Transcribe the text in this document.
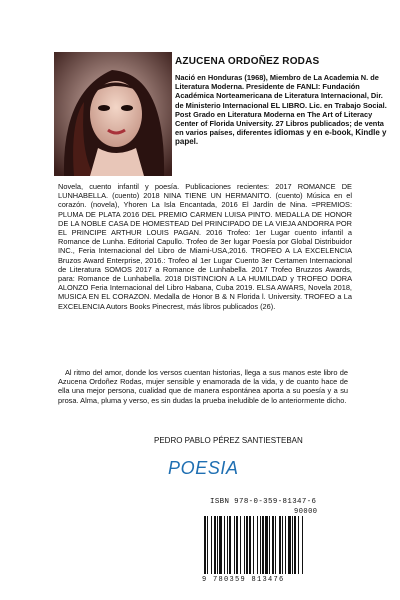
AZUCENA ORDOÑEZ RODAS
Nació en Honduras (1968), Miembro de La Academia N. de Literatura Moderna. Presidente de FANLI: Fundación Académica Norteamericana de Literatura Internacional, Dir. de Ministerio Internacional EL LIBRO. Lic. en Trabajo Social. Post Grado en Literatura Moderna en The Art of Literacy Center of Florida University. 27 Libros publicados; de venta en varios países, diferentes idiomas y en e-book, Kindle y papel.
Novela, cuento infantil y poesía. Publicaciones recientes: 2017 ROMANCE DE LUNHABELLA. (cuento) 2018 NINA TIENE UN HERMANITO. (cuento) Música en el corazón. (novela), Yhoren La Isla Encantada, 2016 El Jardín de Nina. =PREMIOS: PLUMA DE PLATA 2016 DEL PREMIO CARMEN LUISA PINTO. MEDALLA DE HONOR DE LA NOBLE CASA DE HOMESTEAD Del PRINCIPADO DE LA VIEJA ANDORRA POR EL PRINCIPE ARTHUR LOUIS PAGAN. 2016 Trofeo: 1er Lugar cuento infantil a Romance de Lunha. Editorial Capullo. Trofeo de 3er lugar Poesía por Global Distribuidor INC., Feria Internacional del Libro de Miami-USA,2016. TROFEO A LA EXCELENCIA Bruzos Award Enterprise, 2016.: Trofeo al 1er Lugar Cuento 3er Certamen Internacional de Literatura SOMOS 2017 a Romance de Lunhabella. 2017 Trofeo Bruzzos Awards, para: Romance de Lunhabella. 2018 DISTINCION A LA HUMILDAD y TROFEO DORA ALONZO Feria Internacional del Libro Habana, Cuba 2019. ELSA AWARS, Novela 2018, MUSICA EN EL CORAZON. Medalla de Honor B & N Florida l. University. TROFEO a La EXCELENCIA Autors Books Pinecrest, más libros publicados (26).
Al ritmo del amor, donde los versos cuentan historias, llega a sus manos este libro de Azucena Ordoñez Rodas, mujer sensible y enamorada de la vida, y de cuanto hace de ella una mejor persona, cualidad que de manera espontánea aporta a su poesía y a su prosa. Alma, pluma y verso, es sin dudas la prueba ineludible de lo anteriormente dicho.
PEDRO PABLO PÉREZ SANTIESTEBAN
POESIA
ISBN 978-0-359-81347-6
90000
9 780359 813476
